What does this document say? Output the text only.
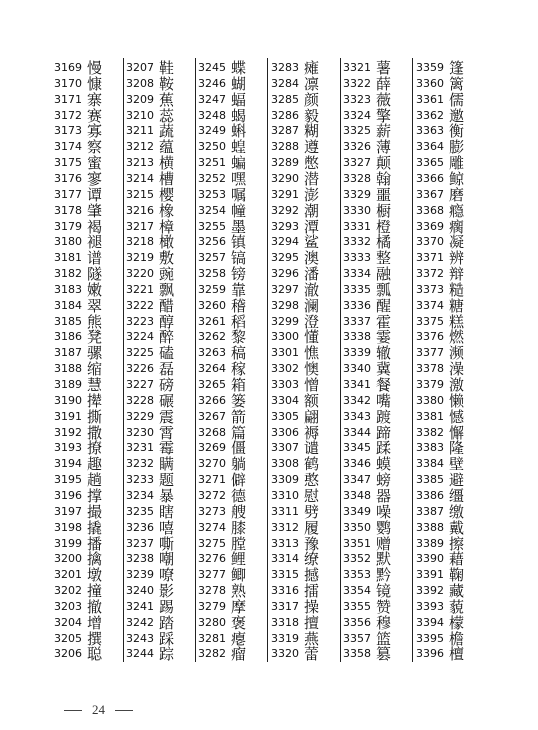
3169 慢
3170 慷
3171 寨
3172 赛
3173 寡
3174 察
3175 蜜
3176 寥
3177 谭
3178 肇
3179 褐
3180 褪
3181 谱
3182 隧
3183 嫩
3184 翠
3185 熊
3186 凳
3187 骡
3188 缩
3189 慧
3190 撵
3191 撕
3192 撒
3193 撩
3194 趣
3195 趟
3196 撑
3197 撮
3198 撬
3199 播
3200 擒
3201 墩
3202 撞
3203 撤
3204 增
3205 撰
3206 聪
3207 鞋
3208 鞍
3209 蕉
3210 蕊
3211 蔬
3212 蕴
3213 横
3214 槽
3215 樱
3216 橡
3217 樟
3218 橄
3219 敷
3220 豌
3221 飘
3222 醋
3223 醇
3224 醉
3225 磕
3226 磊
3227 磅
3228 碾
3229 震
3230 霄
3231 霉
3232 瞒
3233 题
3234 暴
3235 瞎
3236 嘻
3237 嘶
3238 嘲
3239 嘹
3240 影
3241 踢
3242 踏
3243 踩
3244 踪
3245 蝶
3246 蝴
3247 蝠
3248 蝎
3249 蝌
3250 蝗
3251 蝙
3252 嘿
3253 嘱
3254 幢
3255 墨
3256 镇
3257 镐
3258 镑
3259 靠
3260 稽
3261 稻
3262 黎
3263 稿
3264 稼
3265 箱
3266 篓
3267 箭
3268 篇
3269 僵
3270 躺
3271 僻
3272 德
3273 艘
3274 膝
3275 膛
3276 鲤
3277 鲫
3278 熟
3279 摩
3280 褒
3281 瘪
3282 瘤
3283 瘫
3284 凛
3285 颜
3286 毅
3287 糊
3288 遵
3289 憋
3290 潜
3291 澎
3292 潮
3293 潭
3294 鲨
3295 澳
3296 潘
3297 澈
3298 澜
3299 澄
3300 懂
3301 憔
3302 懊
3303 憎
3304 额
3305 翩
3306 褥
3307 谴
3308 鹤
3309 憨
3310 慰
3311 劈
3312 履
3313 豫
3314 缭
3315 撼
3316 擂
3317 操
3318 擅
3319 燕
3320 蕾
3321 薯
3322 薛
3323 薇
3324 擎
3325 薪
3326 薄
3327 颠
3328 翰
3329 噩
3330 橱
3331 橙
3332 橘
3333 整
3334 融
3335 瓢
3336 醒
3337 霍
3338 霎
3339 辙
3340 冀
3341 餐
3342 嘴
3343 踱
3344 蹄
3345 蹂
3346 蟆
3347 螃
3348 器
3349 噪
3350 鹦
3351 赠
3352 默
3353 黔
3354 镜
3355 赞
3356 穆
3357 篮
3358 篡
3359 篷
3360 篱
3361 儒
3362 邀
3363 衡
3364 膨
3365 雕
3366 鲸
3367 磨
3368 瘾
3369 瘸
3370 凝
3371 辨
3372 辩
3373 糙
3374 糖
3375 糕
3376 燃
3377 濒
3378 澡
3379 激
3380 懒
3381 憾
3382 懈
3383 隆
3384 壁
3385 避
3386 缰
3387 缴
3388 戴
3389 擦
3390 藉
3391 鞠
3392 藏
3393 藐
3394 檬
3395 檐
3396 檀
24
